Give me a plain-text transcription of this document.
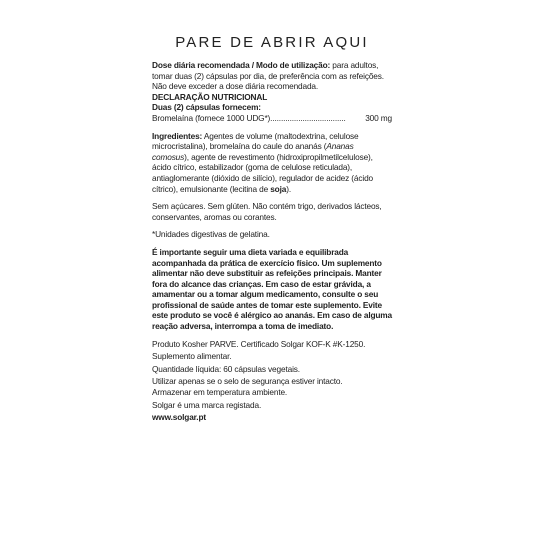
PARE DE ABRIR AQUI

Dose diária recomendada / Modo de utilização: para adultos, tomar duas (2) cápsulas por dia, de preferência com as refeições. Não deve exceder a dose diária recomendada.

DECLARAÇÃO NUTRICIONAL

Duas (2) cápsulas fornecem:

Bromelaína (fornece 1000 UDG*) ...................................	300 mg

Ingredientes: Agentes de volume (maltodextrina, celulose microcristalina), bromelaína do caule do ananás (Ananas comosus), agente de revestimento (hidroxipropilmetilcelulose), ácido cítrico, estabilizador (goma de celulose reticulada), antiaglomerante (dióxido de silício), regulador de acidez (ácido cítrico), emulsionante (lecitina de soja).

Sem açúcares. Sem glúten. Não contém trigo, derivados lácteos, conservantes, aromas ou corantes.

*Unidades digestivas de gelatina.

É importante seguir uma dieta variada e equilibrada acompanhada da prática de exercício físico. Um suplemento alimentar não deve substituir as refeições principais. Manter fora do alcance das crianças. Em caso de estar grávida, a amamentar ou a tomar algum medicamento, consulte o seu profissional de saúde antes de tomar este suplemento. Evite este produto se você é alérgico ao ananás. Em caso de alguma reação adversa, interrompa a toma de imediato.

Produto Kosher PARVE. Certificado Solgar KOF-K #K-1250.

Suplemento alimentar.

Quantidade líquida: 60 cápsulas vegetais.

Utilizar apenas se o selo de segurança estiver intacto.

Armazenar em temperatura ambiente.

Solgar é uma marca registada.

www.solgar.pt
